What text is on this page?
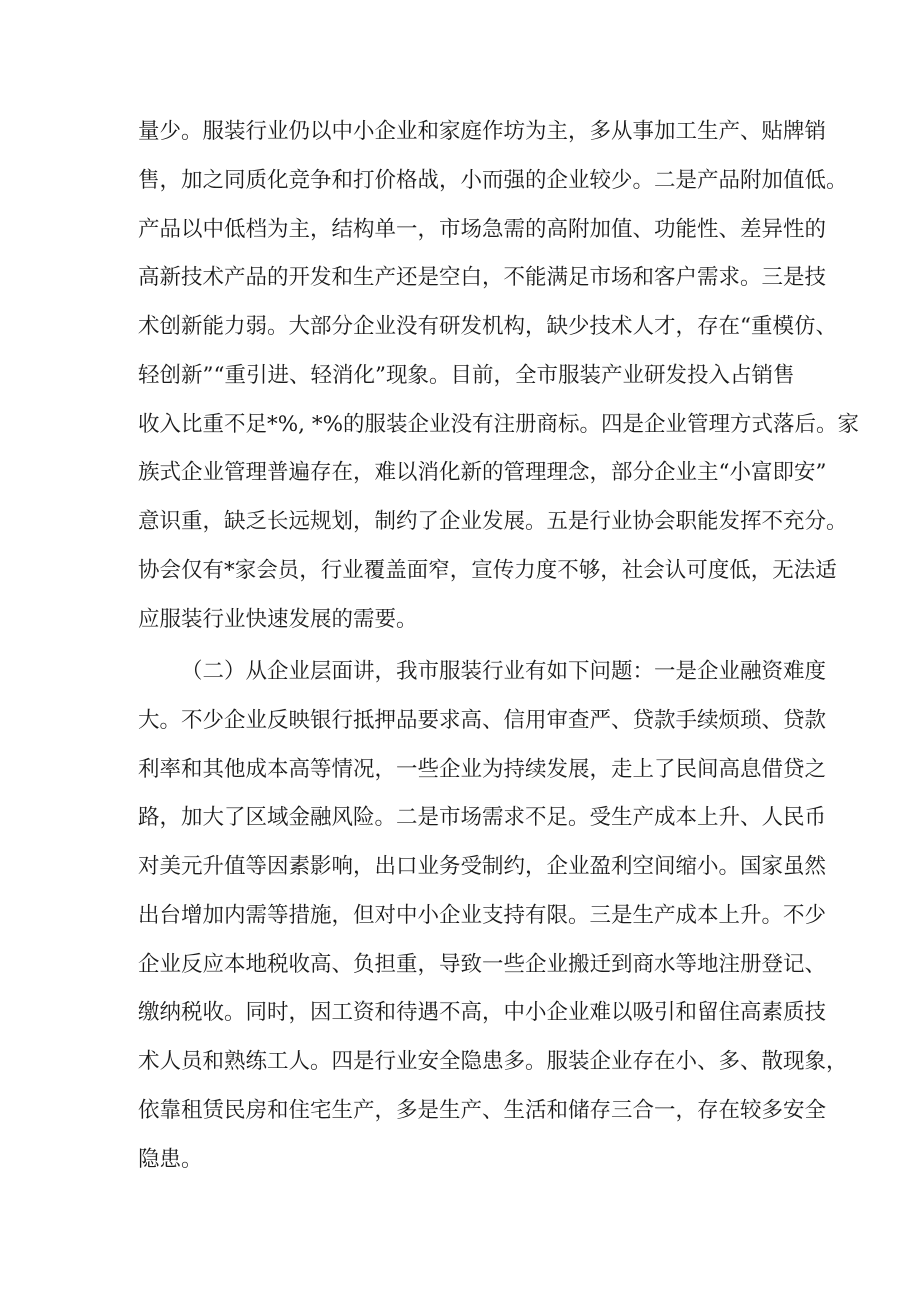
量少。服装行业仍以中小企业和家庭作坊为主，多从事加工生产、贴牌销
售，加之同质化竞争和打价格战，小而强的企业较少。二是产品附加值低。
产品以中低档为主，结构单一，市场急需的高附加值、功能性、差异性的
高新技术产品的开发和生产还是空白，不能满足市场和客户需求。三是技
术创新能力弱。大部分企业没有研发机构，缺少技术人才，存在“重模仿、
轻创新”“重引进、轻消化”现象。目前，全市服装产业研发投入占销售
收入比重不足*%, *%的服装企业没有注册商标。四是企业管理方式落后。家
族式企业管理普遍存在，难以消化新的管理理念，部分企业主“小富即安”
意识重，缺乏长远规划，制约了企业发展。五是行业协会职能发挥不充分。
协会仅有*家会员，行业覆盖面窄，宣传力度不够，社会认可度低，无法适
应服装行业快速发展的需要。
（二）从企业层面讲，我市服装行业有如下问题：一是企业融资难度
大。不少企业反映银行抵押品要求高、信用审查严、贷款手续烦琐、贷款
利率和其他成本高等情况，一些企业为持续发展，走上了民间高息借贷之
路，加大了区域金融风险。二是市场需求不足。受生产成本上升、人民币
对美元升值等因素影响，出口业务受制约，企业盈利空间缩小。国家虽然
出台增加内需等措施，但对中小企业支持有限。三是生产成本上升。不少
企业反应本地税收高、负担重，导致一些企业搬迁到商水等地注册登记、
缴纳税收。同时，因工资和待遇不高，中小企业难以吸引和留住高素质技
术人员和熟练工人。四是行业安全隐患多。服装企业存在小、多、散现象，
依靠租赁民房和住宅生产，多是生产、生活和储存三合一，存在较多安全
隐患。
